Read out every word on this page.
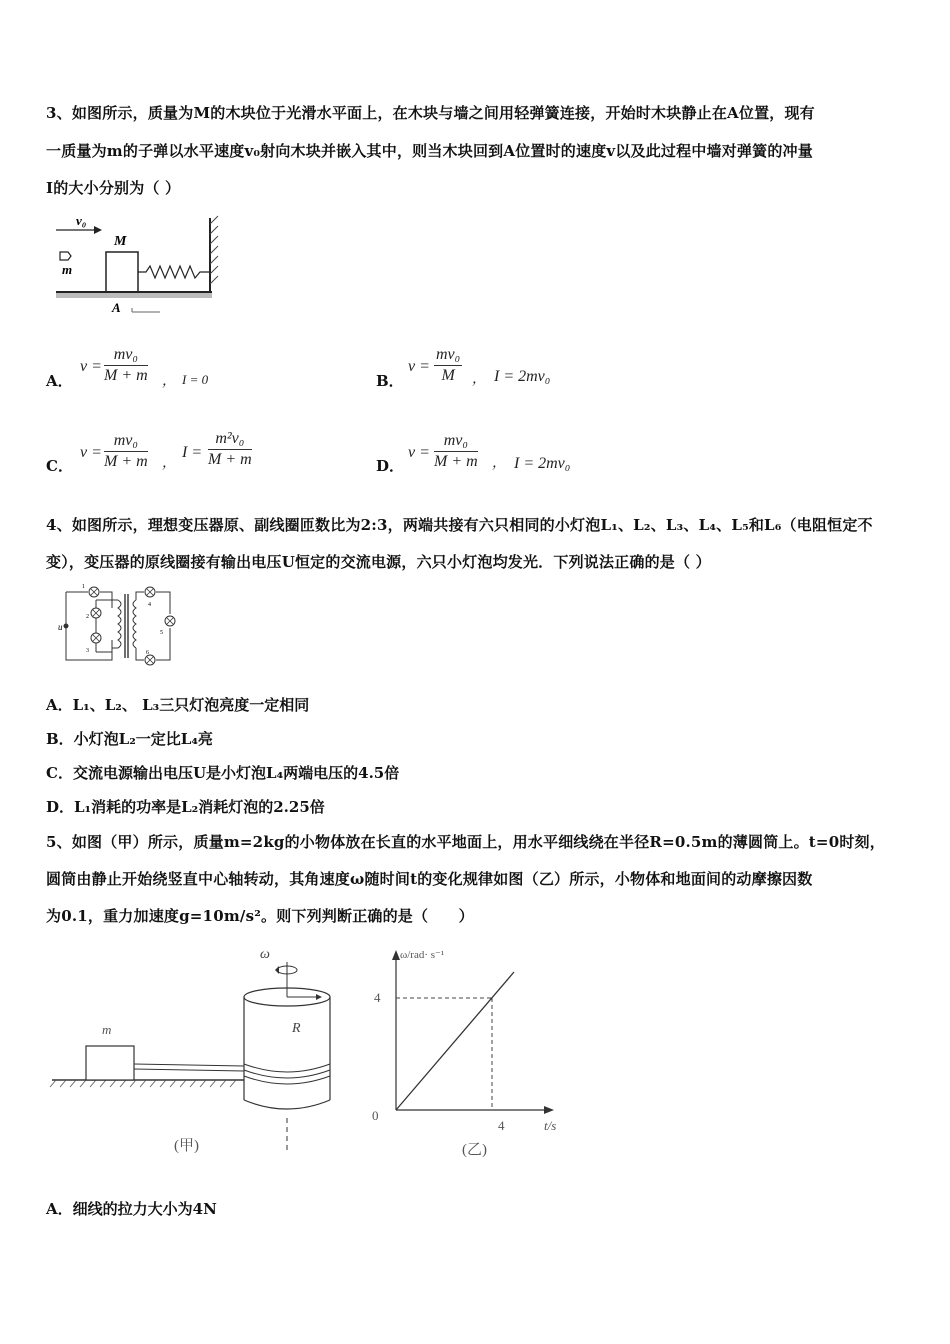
3、如图所示，质量为M的木块位于光滑水平面上，在木块与墙之间用轻弹簧连接，开始时木块静止在A位置，现有
一质量为m的子弹以水平速度v₀射向木块并嵌入其中，则当木块回到A位置时的速度v以及此过程中墙对弹簧的冲量
I的大小分别为（ ）
v₀
M
m
A
A．
$v = \frac{\text{mv₀}}{M + m}$ ， I = 0	B．
$v = \frac{\text{mv₀}}{M}$ ， I = 2mv₀
C．
$v = \frac{\text{mv₀}}{M + m}$ ，
$I = \frac{\text{m²v₀}}{M + m}$	D．
$v = \frac{\text{mv₀}}{M + m}$ ， I = 2mv₀
4、如图所示，理想变压器原、副线圈匝数比为2:3，两端共接有六只相同的小灯泡L₁、L₂、L₃、L₄、L₅和L₆（电阻恒定不
变），变压器的原线圈接有输出电压U恒定的交流电源，六只小灯泡均发光．下列说法正确的是（ ）
u
1
2
3
4
5
6
A．L₁、L₂、 L₃三只灯泡亮度一定相同
B．小灯泡L₂一定比L₄亮
C．交流电源输出电压U是小灯泡L₄两端电压的4.5倍
D．L₁消耗的功率是L₂消耗灯泡的2.25倍
5、如图（甲）所示，质量m=2kg的小物体放在长直的水平地面上，用水平细线绕在半径R=0.5m的薄圆筒上。t=0时刻，
圆筒由静止开始绕竖直中心轴转动，其角速度ω随时间t的变化规律如图（乙）所示，小物体和地面间的动摩擦因数
为0.1，重力加速度g=10m/s²。则下列判断正确的是（　　）
m
ω
R
(甲)
ω/rad· s⁻¹
t/s
0
4
4
(乙)
A．细线的拉力大小为4N
